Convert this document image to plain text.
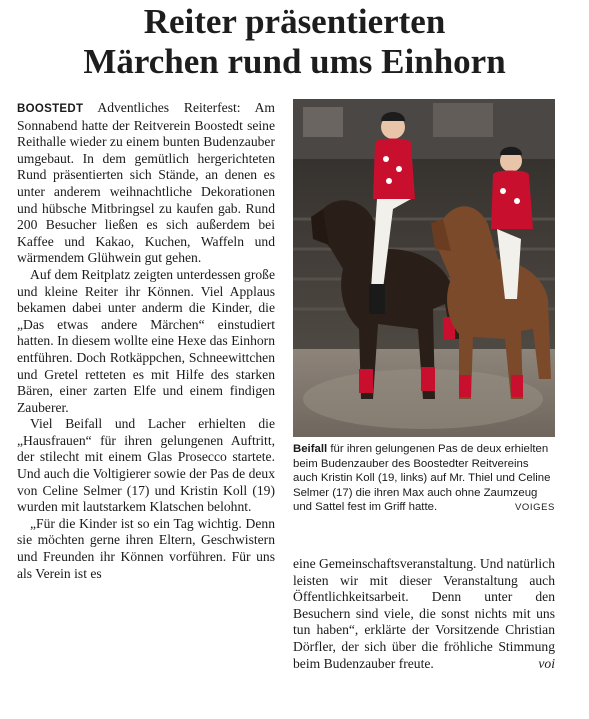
Reiter präsentierten
Märchen rund ums Einhorn

BOOSTEDT Adventliches Reiterfest: Am Sonnabend hatte der Reitverein Boostedt seine Reithalle wieder zu einem bunten Budenzauber umgebaut. In dem gemütlich hergerichteten Rund präsentierten sich Stände, an denen es unter anderem weihnachtliche Dekorationen und hübsche Mitbringsel zu kaufen gab. Rund 200 Besucher ließen es sich außerdem bei Kaffee und Kakao, Kuchen, Waffeln und wärmendem Glühwein gut gehen.

Auf dem Reitplatz zeigten unterdessen große und kleine Reiter ihr Können. Viel Applaus bekamen dabei unter anderm die Kinder, die „Das etwas andere Märchen“ einstudiert hatten. In diesem wollte eine Hexe das Einhorn entführen. Doch Rotkäppchen, Schneewittchen und Gretel retteten es mit Hilfe des starken Bären, einer zarten Elfe und einem findigen Zauberer.

Viel Beifall und Lacher erhielten die „Hausfrauen“ für ihren gelungenen Auftritt, der stilecht mit einem Glas Prosecco startete. Und auch die Voltigierer sowie der Pas de deux von Celine Selmer (17) und Kristin Koll (19) wurden mit lautstarkem Klatschen belohnt.

„Für die Kinder ist so ein Tag wichtig. Denn sie möchten gerne ihren Eltern, Geschwistern und Freunden ihr Können vorführen. Für uns als Verein ist es

Beifall für ihren gelungenen Pas de deux erhielten beim Budenzauber des Boostedter Reitvereins auch Kristin Koll (19, links) auf Mr. Thiel und Celine Selmer (17) die ihren Max auch ohne Zaumzeug und Sattel fest im Griff hatte.	VOIGES

eine Gemeinschaftsveranstaltung. Und natürlich leisten wir mit dieser Veranstaltung auch Öffentlichkeitsarbeit. Denn unter den Besuchern sind viele, die sonst nichts mit uns tun haben“, erklärte der Vorsitzende Christian Dörfler, der sich über die fröhliche Stimmung beim Budenzauber freute.	voi
